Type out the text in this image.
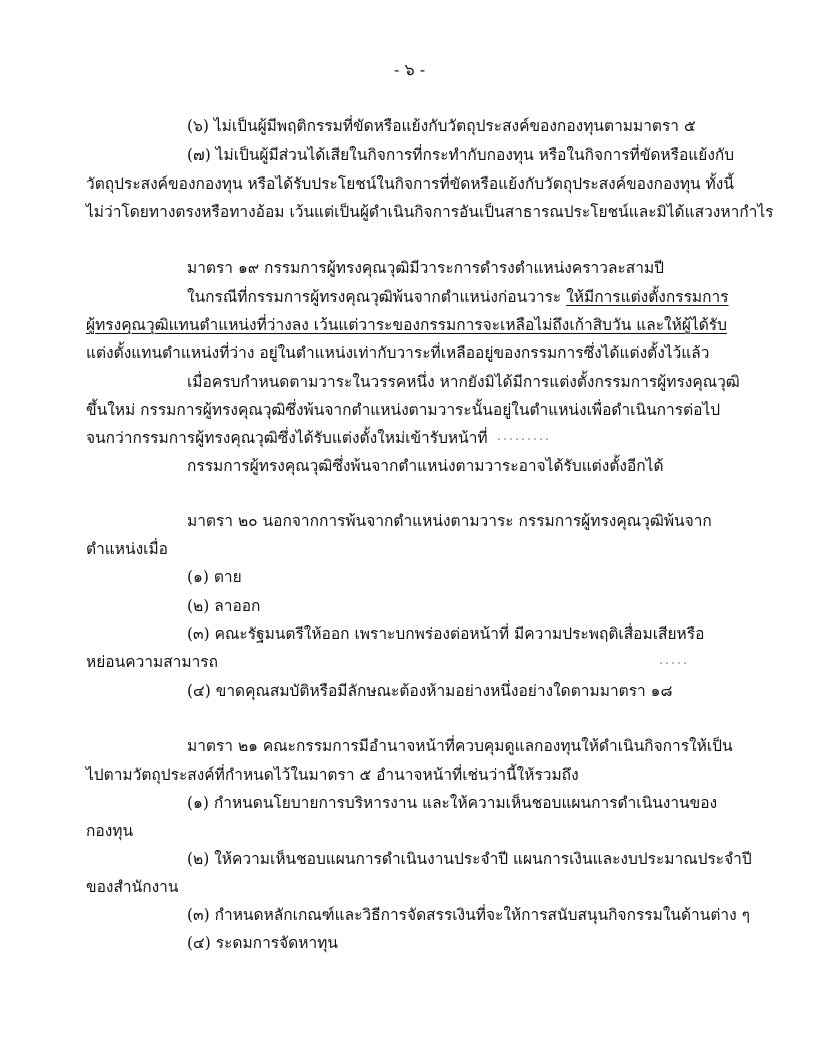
- ๖ -
(๖) ไม่เป็นผู้มีพฤติกรรมที่ขัดหรือแย้งกับวัตถุประสงค์ของกองทุนตามมาตรา ๕
(๗) ไม่เป็นผู้มีส่วนได้เสียในกิจการที่กระทำกับกองทุน หรือในกิจการที่ขัดหรือแย้งกับ
วัตถุประสงค์ของกองทุน หรือได้รับประโยชน์ในกิจการที่ขัดหรือแย้งกับวัตถุประสงค์ของกองทุน ทั้งนี้
ไม่ว่าโดยทางตรงหรือทางอ้อม เว้นแต่เป็นผู้ดำเนินกิจการอันเป็นสาธารณประโยชน์และมิได้แสวงหากำไร
มาตรา ๑๙ กรรมการผู้ทรงคุณวุฒิมีวาระการดำรงตำแหน่งคราวละสามปี
ในกรณีที่กรรมการผู้ทรงคุณวุฒิพ้นจากตำแหน่งก่อนวาระ ให้มีการแต่งตั้งกรรมการ
ผู้ทรงคุณวุฒิแทนตำแหน่งที่ว่างลง เว้นแต่วาระของกรรมการจะเหลือไม่ถึงเก้าสิบวัน และให้ผู้ได้รับ
แต่งตั้งแทนตำแหน่งที่ว่าง อยู่ในตำแหน่งเท่ากับวาระที่เหลืออยู่ของกรรมการซึ่งได้แต่งตั้งไว้แล้ว
เมื่อครบกำหนดตามวาระในวรรคหนึ่ง หากยังมิได้มีการแต่งตั้งกรรมการผู้ทรงคุณวุฒิ
ขึ้นใหม่ กรรมการผู้ทรงคุณวุฒิซึ่งพ้นจากตำแหน่งตามวาระนั้นอยู่ในตำแหน่งเพื่อดำเนินการต่อไป
จนกว่ากรรมการผู้ทรงคุณวุฒิซึ่งได้รับแต่งตั้งใหม่เข้ารับหน้าที่
กรรมการผู้ทรงคุณวุฒิซึ่งพ้นจากตำแหน่งตามวาระอาจได้รับแต่งตั้งอีกได้
มาตรา ๒๐ นอกจากการพ้นจากตำแหน่งตามวาระ กรรมการผู้ทรงคุณวุฒิพ้นจาก
ตำแหน่งเมื่อ
(๑) ตาย
(๒) ลาออก
(๓) คณะรัฐมนตรีให้ออก เพราะบกพร่องต่อหน้าที่ มีความประพฤติเสื่อมเสียหรือ
หย่อนความสามารถ
(๔) ขาดคุณสมบัติหรือมีลักษณะต้องห้ามอย่างหนึ่งอย่างใดตามมาตรา ๑๘
มาตรา ๒๑ คณะกรรมการมีอำนาจหน้าที่ควบคุมดูแลกองทุนให้ดำเนินกิจการให้เป็น
ไปตามวัตถุประสงค์ที่กำหนดไว้ในมาตรา ๕ อำนาจหน้าที่เช่นว่านี้ให้รวมถึง
(๑) กำหนดนโยบายการบริหารงาน และให้ความเห็นชอบแผนการดำเนินงานของ
กองทุน
(๒) ให้ความเห็นชอบแผนการดำเนินงานประจำปี แผนการเงินและงบประมาณประจำปี
ของสำนักงาน
(๓) กำหนดหลักเกณฑ์และวิธีการจัดสรรเงินที่จะให้การสนับสนุนกิจกรรมในด้านต่าง ๆ
(๔) ระดมการจัดหาทุน
